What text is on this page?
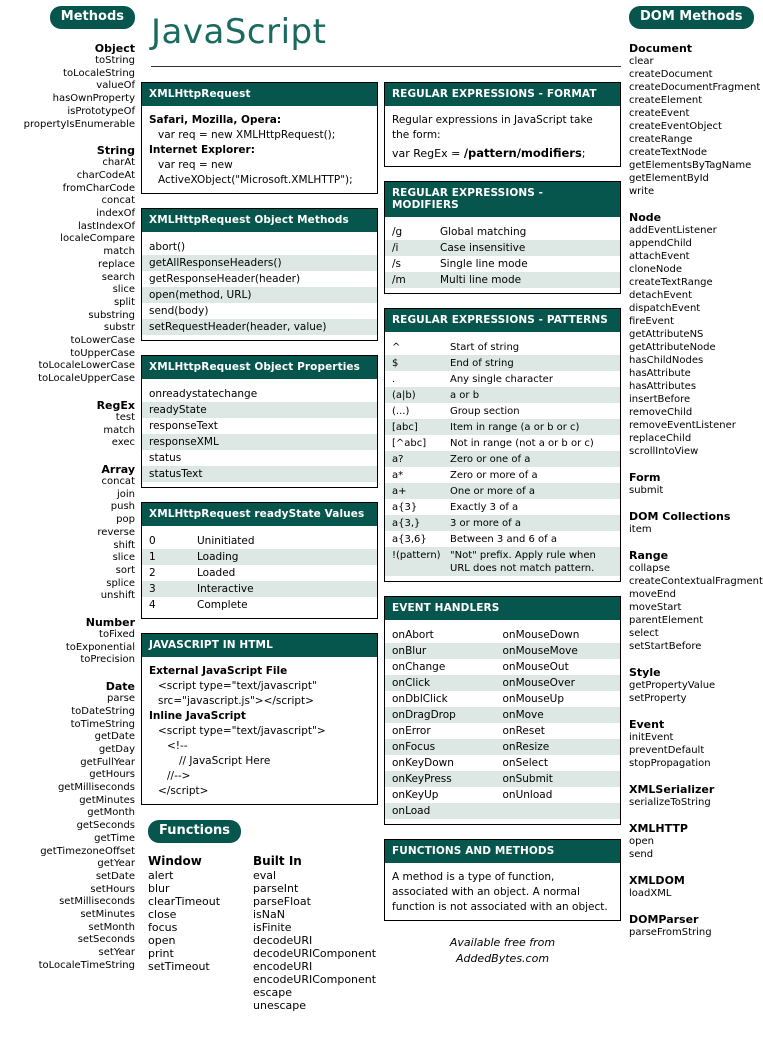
Methods
Object
toString
toLocaleString
valueOf
hasOwnProperty
isPrototypeOf
propertyIsEnumerable
String
charAt
charCodeAt
fromCharCode
concat
indexOf
lastIndexOf
localeCompare
match
replace
search
slice
split
substring
substr
toLowerCase
toUpperCase
toLocaleLowerCase
toLocaleUpperCase
RegEx
test
match
exec
Array
concat
join
push
pop
reverse
shift
slice
sort
splice
unshift
Number
toFixed
toExponential
toPrecision
Date
parse
toDateString
toTimeString
getDate
getDay
getFullYear
getHours
getMilliseconds
getMinutes
getMonth
getSeconds
getTime
getTimezoneOffset
getYear
setDate
setHours
setMilliseconds
setMinutes
setMonth
setSeconds
setYear
toLocaleTimeString
JavaScript
XMLHttpRequest
Safari, Mozilla, Opera:
var req = new XMLHttpRequest();
Internet Explorer:
var req = new
ActiveXObject("Microsoft.XMLHTTP");
XMLHttpRequest Object Methods
abort()
getAllResponseHeaders()
getResponseHeader(header)
open(method, URL)
send(body)
setRequestHeader(header, value)
XMLHttpRequest Object Properties
onreadystatechange
readyState
responseText
responseXML
status
statusText
XMLHttpRequest readyState Values
0	Uninitiated
1	Loading
2	Loaded
3	Interactive
4	Complete
JAVASCRIPT IN HTML
External JavaScript File
<script type="text/javascript"
src="javascript.js"></script>
Inline JavaScript
<script type="text/javascript">
<!--
// JavaScript Here
//-->
</script>
Functions
Window
alert
blur
clearTimeout
close
focus
open
print
setTimeout
Built In
eval
parseInt
parseFloat
isNaN
isFinite
decodeURI
decodeURIComponent
encodeURI
encodeURIComponent
escape
unescape
REGULAR EXPRESSIONS - FORMAT

Regular expressions in JavaScript take the form:

var RegEx = /pattern/modifiers;

REGULAR EXPRESSIONS - MODIFIERS
/g	Global matching
/i	Case insensitive
/s	Single line mode
/m	Multi line mode
REGULAR EXPRESSIONS - PATTERNS
^	Start of string
$	End of string
.	Any single character
(a|b)	a or b
(...)	Group section
[abc]	Item in range (a or b or c)
[^abc]	Not in range (not a or b or c)
a?	Zero or one of a
a*	Zero or more of a
a+	One or more of a
a{3}	Exactly 3 of a
a{3,}	3 or more of a
a{3,6}	Between 3 and 6 of a
!(pattern) "Not" prefix. Apply rule when URL does not match pattern.
EVENT HANDLERS
onAbort	onMouseDown
onBlur	onMouseMove
onChange	onMouseOut
onClick	onMouseOver
onDblClick	onMouseUp
onDragDrop	onMove
onError	onReset
onFocus	onResize
onKeyDown	onSelect
onKeyPress	onSubmit
onKeyUp	onUnload
onLoad
FUNCTIONS AND METHODS

A method is a type of function, associated with an object. A normal function is not associated with an object.

Available free from
AddedBytes.com
DOM Methods
Document
clear
createDocument
createDocumentFragment
createElement
createEvent
createEventObject
createRange
createTextNode
getElementsByTagName
getElementById
write
Node
addEventListener
appendChild
attachEvent
cloneNode
createTextRange
detachEvent
dispatchEvent
fireEvent
getAttributeNS
getAttributeNode
hasChildNodes
hasAttribute
hasAttributes
insertBefore
removeChild
removeEventListener
replaceChild
scrollIntoView
Form
submit
DOM Collections
item
Range
collapse
createContextualFragment
moveEnd
moveStart
parentElement
select
setStartBefore
Style
getPropertyValue
setProperty
Event
initEvent
preventDefault
stopPropagation
XMLSerializer
serializeToString
XMLHTTP
open
send
XMLDOM
loadXML
DOMParser
parseFromString
